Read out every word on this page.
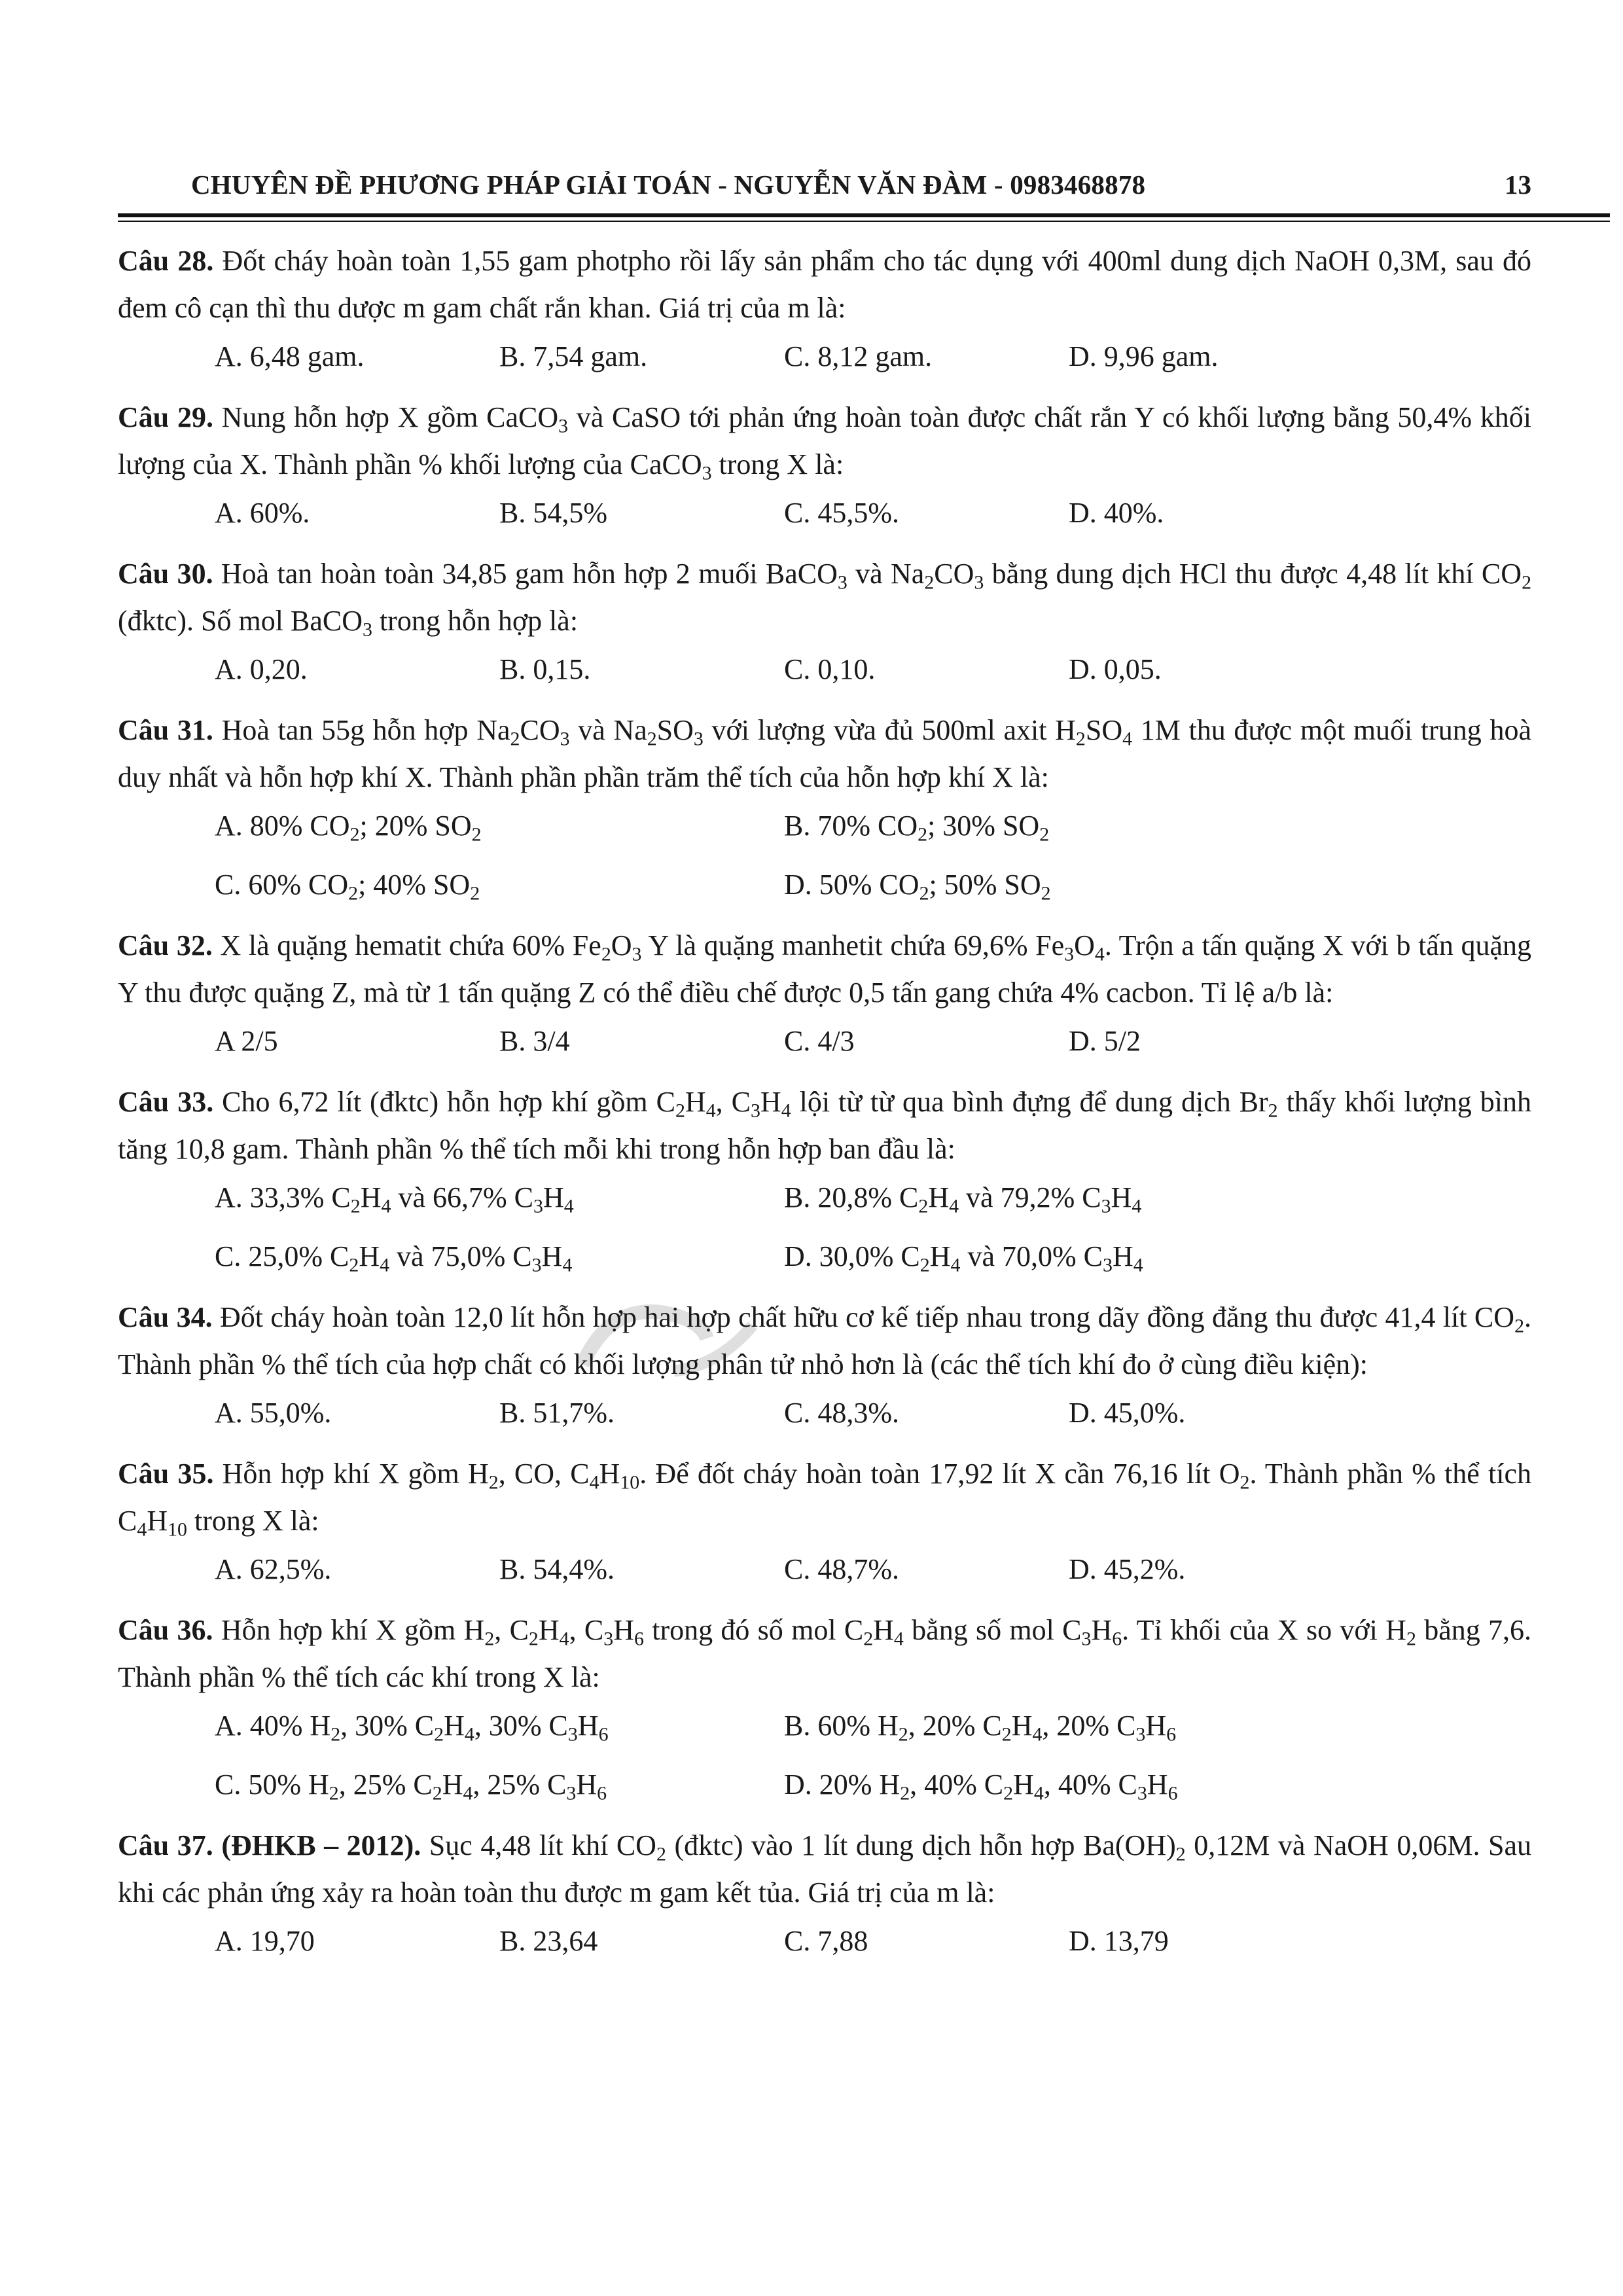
CHUYÊN ĐỀ PHƯƠNG PHÁP GIẢI TOÁN - NGUYỄN VĂN ĐÀM - 0983468878	13
Câu 28. Đốt cháy hoàn toàn 1,55 gam photpho rồi lấy sản phẩm cho tác dụng với 400ml dung dịch NaOH 0,3M, sau đó đem cô cạn thì thu dược m gam chất rắn khan. Giá trị của m là:
A. 6,48 gam.	B. 7,54 gam.	C. 8,12 gam.	D. 9,96 gam.
Câu 29. Nung hỗn hợp X gồm CaCO$_3$ và CaSO tới phản ứng hoàn toàn được chất rắn Y có khối lượng bằng 50,4% khối lượng của X. Thành phần % khối lượng của CaCO$_3$ trong X là:
A. 60%.	B. 54,5%	C. 45,5%.	D. 40%.
Câu 30. Hoà tan hoàn toàn 34,85 gam hỗn hợp 2 muối BaCO$_3$ và $Na_2CO_3$ bằng dung dịch HCl thu được 4,48 lít khí $CO_2$ (đktc). Số mol BaCO$_3$ trong hỗn hợp là:
A. 0,20.	B. 0,15.	C. 0,10.	D. 0,05.
Câu 31. Hoà tan 55g hỗn hợp $Na_2CO_3$ và $Na_2SO_3$ với lượng vừa đủ 500ml axit $H_2SO_4$ 1M thu được một muối trung hoà duy nhất và hỗn hợp khí X. Thành phần phần trăm thể tích của hỗn hợp khí X là:
A. 80% $CO_2$; 20% $SO_2$	B. 70% $CO_2$; 30% $SO_2$
C. 60% $CO_2$; 40% $SO_2$	D. 50% $CO_2$; 50% $SO_2$
Câu 32. X là quặng hematit chứa 60% $Fe_2O_3$ Y là quặng manhetit chứa 69,6% $Fe_3O_4$. Trộn a tấn quặng X với b tấn quặng Y thu được quặng Z, mà từ 1 tấn quặng Z có thể điều chế được 0,5 tấn gang chứa 4% cacbon. Tỉ lệ a/b là:
A 2/5	B. 3/4	C. 4/3	D. 5/2
Câu 33. Cho 6,72 lít (đktc) hỗn hợp khí gồm $C_2H_4$, $C_3H_4$ lội từ từ qua bình đựng để dung dịch $Br_2$ thấy khối lượng bình tăng 10,8 gam. Thành phần % thể tích mỗi khi trong hỗn hợp ban đầu là:
A. 33,3% $C_2H_4$ và 66,7% $C_3H_4$	B. 20,8% $C_2H_4$ và 79,2% $C_3H_4$
C. 25,0% $C_2H_4$ và 75,0% $C_3H_4$	D. 30,0% $C_2H_4$ và 70,0% $C_3H_4$
Câu 34. Đốt cháy hoàn toàn 12,0 lít hỗn hợp hai hợp chất hữu cơ kế tiếp nhau trong dãy đồng đẳng thu được 41,4 lít $CO_2$. Thành phần % thể tích của hợp chất có khối lượng phân tử nhỏ hơn là (các thể tích khí đo ở cùng điều kiện):
A. 55,0%.	B. 51,7%.	C. 48,3%.	D. 45,0%.
Câu 35. Hỗn hợp khí X gồm $H_2$, CO, $C_4H_{10}$. Để đốt cháy hoàn toàn 17,92 lít X cần 76,16 lít $O_2$. Thành phần % thể tích $C_4H_{10}$ trong X là:
A. 62,5%.	B. 54,4%.	C. 48,7%.	D. 45,2%.
Câu 36. Hỗn hợp khí X gồm $H_2$, $C_2H_4$, $C_3H_6$ trong đó số mol $C_2H_4$ bằng số mol $C_3H_6$. Tỉ khối của X so với $H_2$ bằng 7,6. Thành phần % thể tích các khí trong X là:
A. 40% $H_2$, 30% $C_2H_4$, 30% $C_3H_6$	B. 60% $H_2$, 20% $C_2H_4$, 20% $C_3H_6$
C. 50% $H_2$, 25% $C_2H_4$, 25% $C_3H_6$	D. 20% $H_2$, 40% $C_2H_4$, 40% $C_3H_6$
Câu 37. (ĐHKB – 2012). Sục 4,48 lít khí $CO_2$ (đktc) vào 1 lít dung dịch hỗn hợp $Ba(OH)_2$ 0,12M và NaOH 0,06M. Sau khi các phản ứng xảy ra hoàn toàn thu được m gam kết tủa. Giá trị của m là:
A. 19,70	B. 23,64	C. 7,88	D. 13,79
